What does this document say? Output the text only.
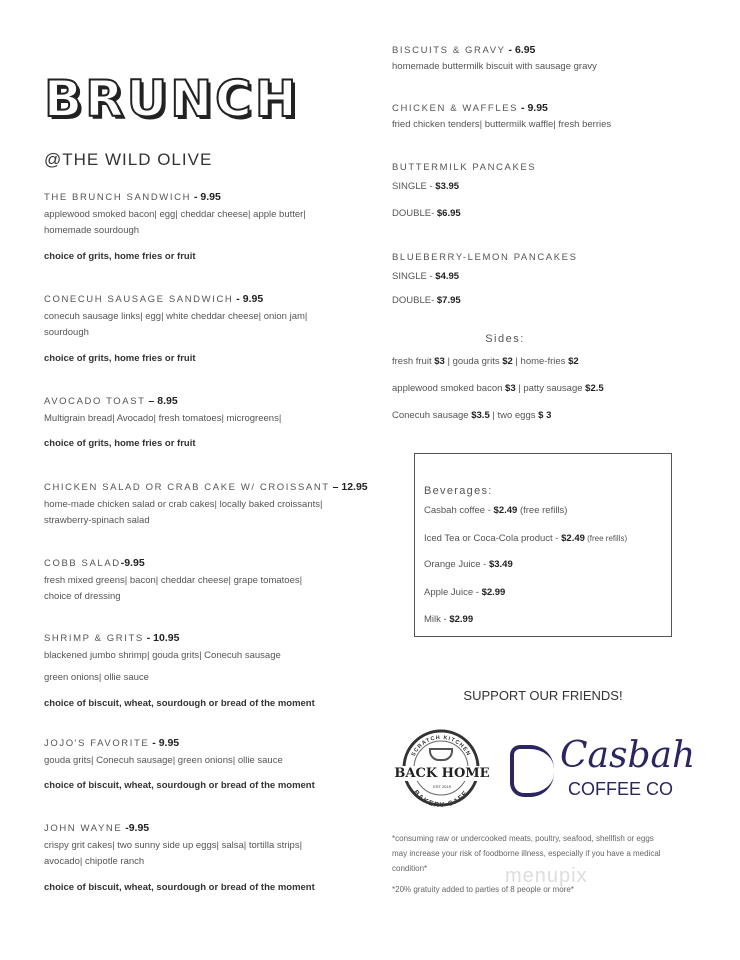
BRUNCH
@THE WILD OLIVE
THE BRUNCH SANDWICH - 9.95
applewood smoked bacon| egg| cheddar cheese| apple butter|
homemade sourdough
choice of grits, home fries or fruit
CONECUH SAUSAGE SANDWICH - 9.95
conecuh sausage links| egg| white cheddar cheese| onion jam|
sourdough
choice of grits, home fries or fruit
AVOCADO TOAST – 8.95
Multigrain bread| Avocado| fresh tomatoes| microgreens|
choice of grits, home fries or fruit
CHICKEN SALAD OR CRAB CAKE W/ CROISSANT – 12.95
home-made chicken salad or crab cakes| locally baked croissants|
strawberry-spinach salad
COBB SALAD-9.95
fresh mixed greens| bacon| cheddar cheese| grape tomatoes|
choice of dressing
SHRIMP & GRITS - 10.95
blackened jumbo shrimp| gouda grits| Conecuh sausage
green onions| ollie sauce
choice of biscuit, wheat, sourdough or bread of the moment
JOJO'S FAVORITE - 9.95
gouda grits| Conecuh sausage| green onions| ollie sauce
choice of biscuit, wheat, sourdough or bread of the moment
JOHN WAYNE -9.95
crispy grit cakes| two sunny side up eggs| salsa| tortilla strips|
avocado| chipotle ranch
choice of biscuit, wheat, sourdough or bread of the moment
BISCUITS & GRAVY - 6.95
homemade buttermilk biscuit with sausage gravy
CHICKEN & WAFFLES - 9.95
fried chicken tenders| buttermilk waffle| fresh berries
BUTTERMILK PANCAKES
SINGLE - $3.95
DOUBLE- $6.95
BLUEBERRY-LEMON PANCAKES
SINGLE - $4.95
DOUBLE- $7.95
Sides:
fresh fruit $3 | gouda grits $2 | home-fries $2
applewood smoked bacon $3 | patty sausage $2.5
Conecuh sausage $3.5 | two eggs $ 3
Beverages:
Casbah coffee - $2.49 (free refills)
Iced Tea or Coca-Cola product - $2.49 (free refills)
Orange Juice - $3.49
Apple Juice - $2.99
Milk - $2.99
SUPPORT OUR FRIENDS!
SCRATCH KITCHEN
BAKERY CAFE
BACK HOME
EST 2019
Casbah
COFFEE CO
*consuming raw or undercooked meats, poultry, seafood, shellfish or eggs
may increase your risk of foodborne illness, especially if you have a medical
condition*	menupix
*20% gratuity added to parties of 8 people or more*
